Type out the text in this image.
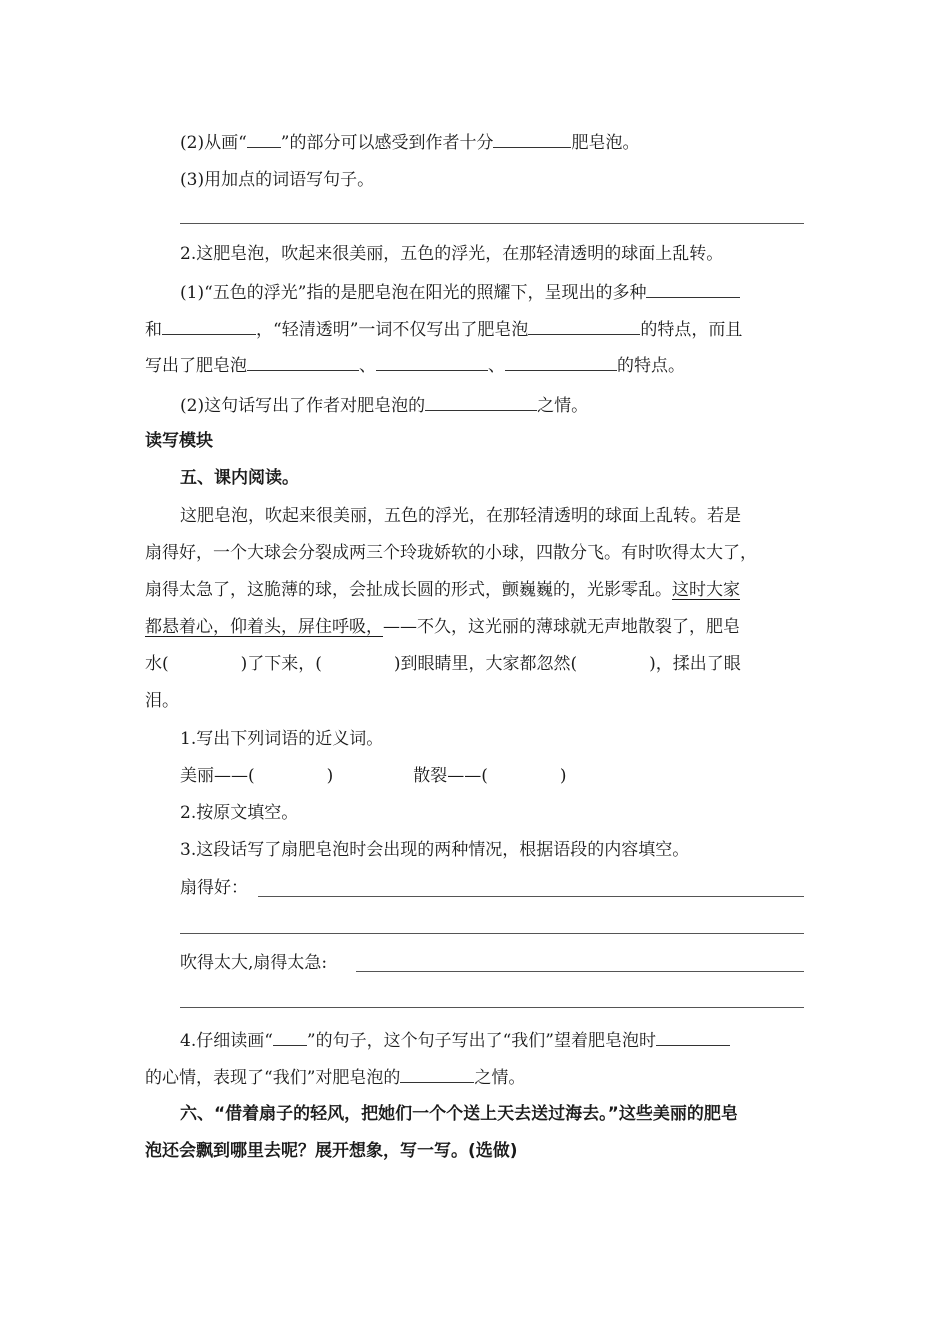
(2)从画“ ”的部分可以感受到作者十分	肥皂泡。
(3)用加点的词语写句子。
2.这肥皂泡，吹起来很美丽，五色的浮光，在那轻清透明的球面上乱转。
(1)“五色的浮光”指的是肥皂泡在阳光的照耀下，呈现出的多种
和	，“轻清透明”一词不仅写出了肥皂泡	的特点，而且
写出了肥皂泡	、	、	的特点。
(2)这句话写出了作者对肥皂泡的	之情。
读写模块
五、课内阅读。
这肥皂泡，吹起来很美丽，五色的浮光，在那轻清透明的球面上乱转。若是
扇得好，一个大球会分裂成两三个玲珑娇软的小球，四散分飞。有时吹得太大了，
扇得太急了，这脆薄的球，会扯成长圆的形式，颤巍巍的，光影零乱。这时大家
都悬着心，仰着头，屏住呼吸，——不久，这光丽的薄球就无声地散裂了，肥皂
水(	)了下来，(	)到眼睛里，大家都忽然(	)，揉出了眼
泪。
1.写出下列词语的近义词。
美丽——(	)	散裂——(	)
2.按原文填空。
3.这段话写了扇肥皂泡时会出现的两种情况，根据语段的内容填空。
扇得好：
吹得太大,扇得太急:
4.仔细读画“ ”的句子，这个句子写出了“我们”望着肥皂泡时
的心情，表现了“我们”对肥皂泡的	之情。
六、“借着扇子的轻风，把她们一个个送上天去送过海去。”这些美丽的肥皂
泡还会飘到哪里去呢？展开想象，写一写。(选做)
